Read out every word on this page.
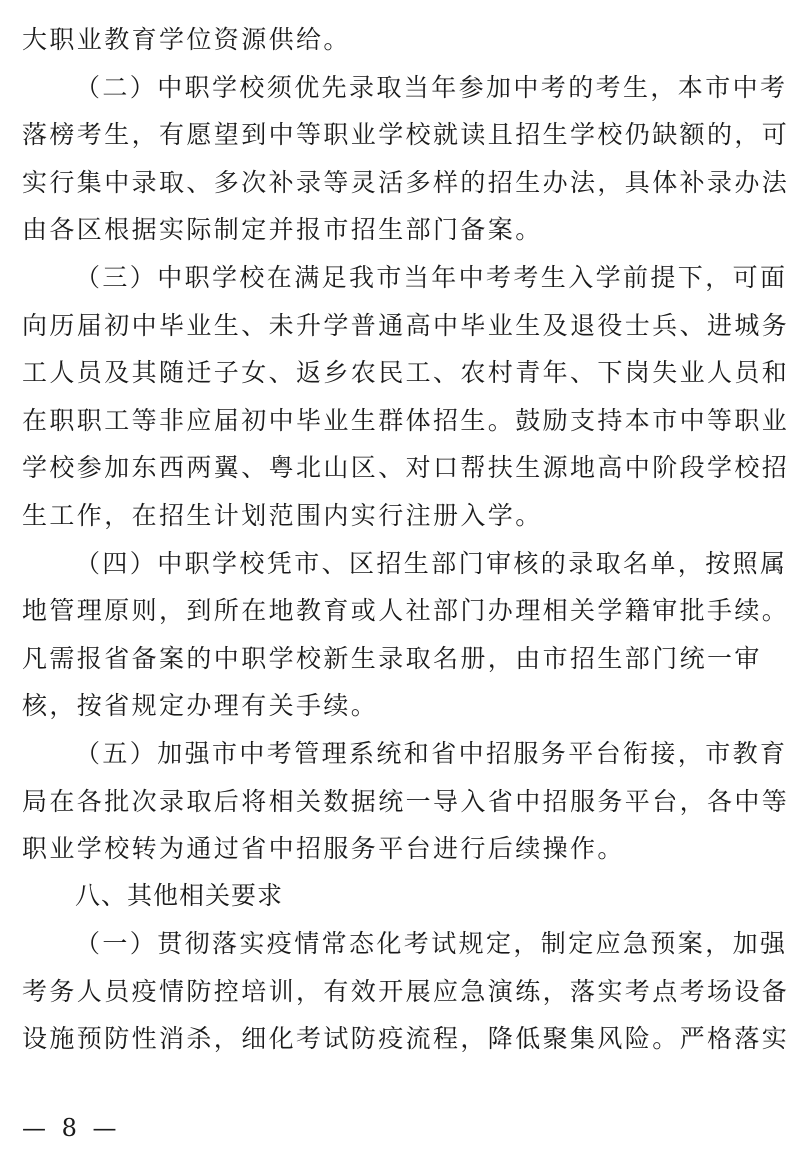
大职业教育学位资源供给。
（二）中职学校须优先录取当年参加中考的考生，本市中考
落榜考生，有愿望到中等职业学校就读且招生学校仍缺额的，可
实行集中录取、多次补录等灵活多样的招生办法，具体补录办法
由各区根据实际制定并报市招生部门备案。
（三）中职学校在满足我市当年中考考生入学前提下，可面
向历届初中毕业生、未升学普通高中毕业生及退役士兵、进城务
工人员及其随迁子女、返乡农民工、农村青年、下岗失业人员和
在职职工等非应届初中毕业生群体招生。鼓励支持本市中等职业
学校参加东西两翼、粤北山区、对口帮扶生源地高中阶段学校招
生工作，在招生计划范围内实行注册入学。
（四）中职学校凭市、区招生部门审核的录取名单，按照属
地管理原则，到所在地教育或人社部门办理相关学籍审批手续。
凡需报省备案的中职学校新生录取名册，由市招生部门统一审
核，按省规定办理有关手续。
（五）加强市中考管理系统和省中招服务平台衔接，市教育
局在各批次录取后将相关数据统一导入省中招服务平台，各中等
职业学校转为通过省中招服务平台进行后续操作。
八、其他相关要求
（一）贯彻落实疫情常态化考试规定，制定应急预案，加强
考务人员疫情防控培训，有效开展应急演练，落实考点考场设备
设施预防性消杀，细化考试防疫流程，降低聚集风险。严格落实
— 8 —
